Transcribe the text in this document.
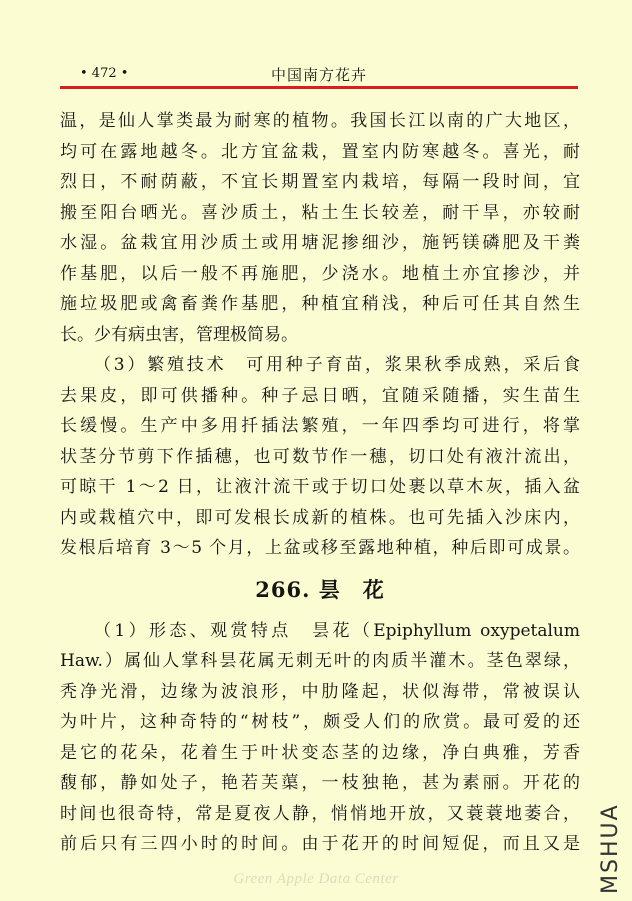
• 472 •	中国南方花卉
温，是仙人掌类最为耐寒的植物。我国长江以南的广大地区，
均可在露地越冬。北方宜盆栽，置室内防寒越冬。喜光，耐
烈日，不耐荫蔽，不宜长期置室内栽培，每隔一段时间，宜
搬至阳台晒光。喜沙质土，粘土生长较差，耐干旱，亦较耐
水湿。盆栽宜用沙质土或用塘泥掺细沙，施钙镁磷肥及干粪
作基肥，以后一般不再施肥，少浇水。地植土亦宜掺沙，并
施垃圾肥或禽畜粪作基肥，种植宜稍浅，种后可任其自然生
长。少有病虫害，管理极简易。
（3）繁殖技术　可用种子育苗，浆果秋季成熟，采后食
去果皮，即可供播种。种子忌日晒，宜随采随播，实生苗生
长缓慢。生产中多用扦插法繁殖，一年四季均可进行，将掌
状茎分节剪下作插穗，也可数节作一穗，切口处有液汁流出，
可晾干 1～2 日，让液汁流干或于切口处裹以草木灰，插入盆
内或栽植穴中，即可发根长成新的植株。也可先插入沙床内，
发根后培育 3～5 个月，上盆或移至露地种植，种后即可成景。
266. 昙　花
（1）形态、观赏特点　昙花（Epiphyllum oxypetalum
Haw.）属仙人掌科昙花属无刺无叶的肉质半灌木。茎色翠绿，
秃净光滑，边缘为波浪形，中肋隆起，状似海带，常被误认
为叶片，这种奇特的“树枝”，颇受人们的欣赏。最可爱的还
是它的花朵，花着生于叶状变态茎的边缘，净白典雅，芳香
馥郁，静如处子，艳若芙蕖，一枝独艳，甚为素丽。开花的
时间也很奇特，常是夏夜人静，悄悄地开放，又蓑蓑地萎合，
前后只有三四小时的时间。由于花开的时间短促，而且又是
Green Apple Data Center	MSHUA
